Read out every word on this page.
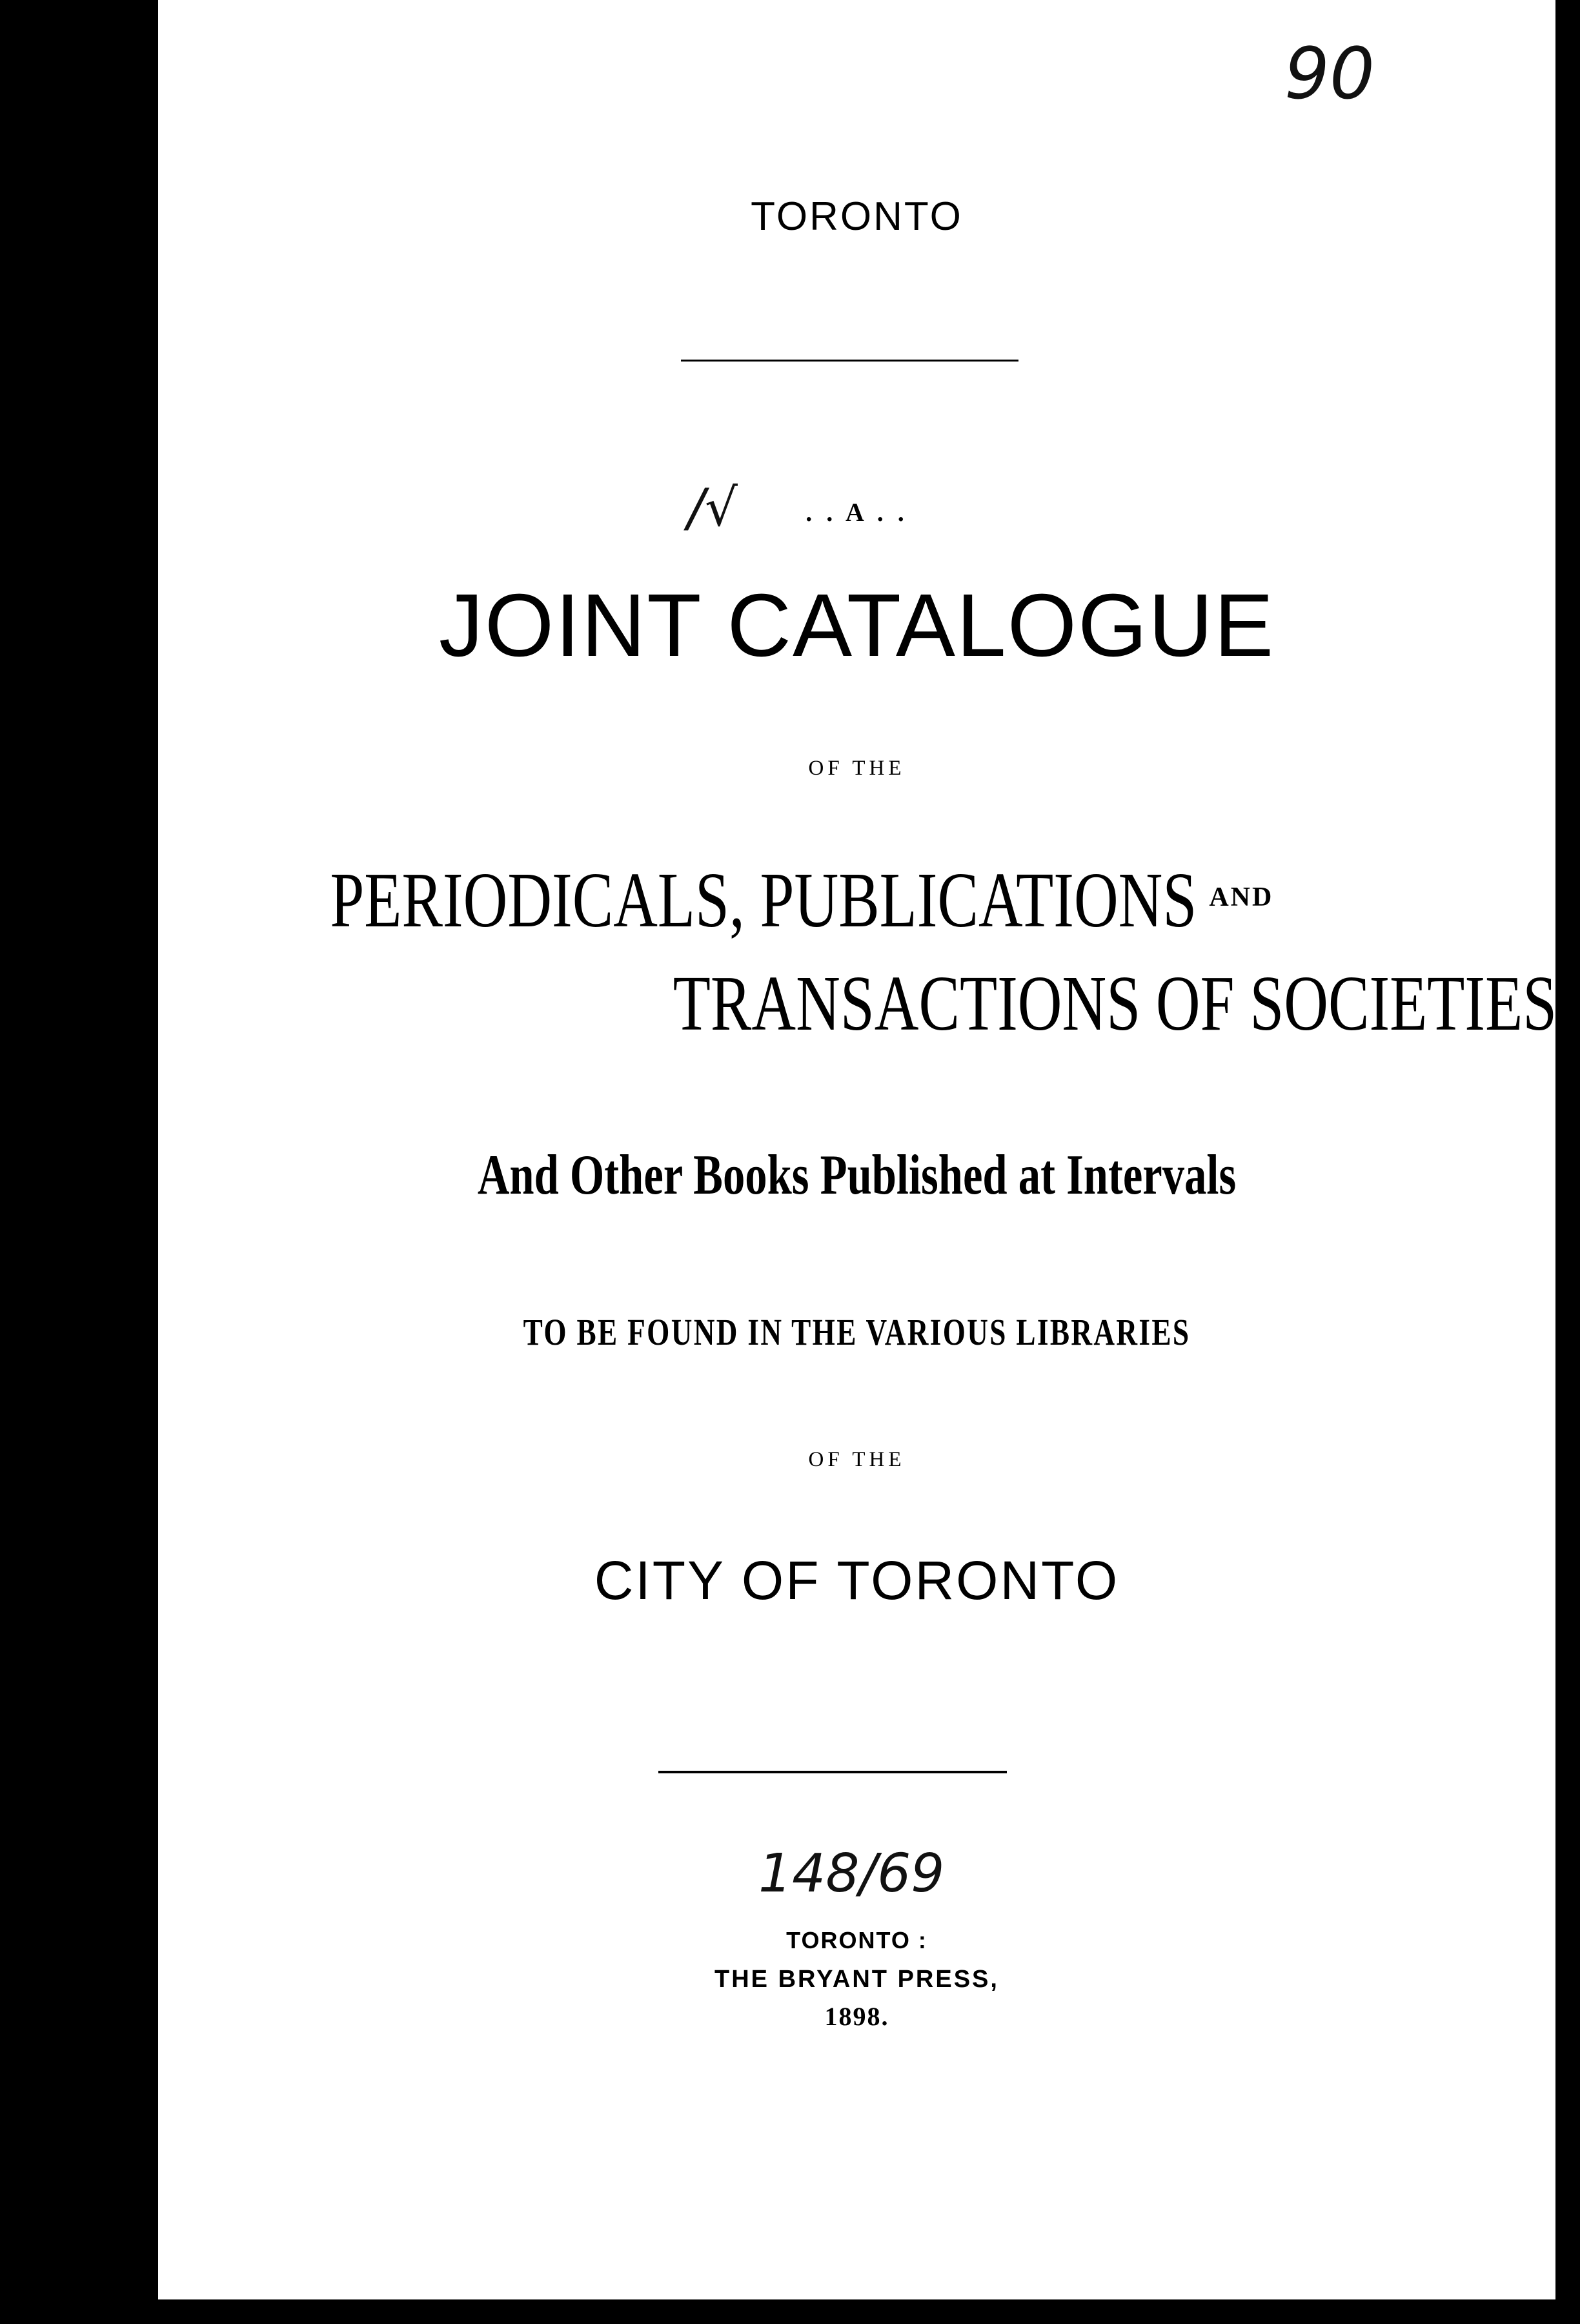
90
TORONTO
/√	. . A . .
JOINT CATALOGUE
OF THE
PERIODICALS, PUBLICATIONS AND
TRANSACTIONS OF SOCIETIES
And Other Books Published at Intervals
TO BE FOUND IN THE VARIOUS LIBRARIES
OF THE
CITY OF TORONTO
148/69
TORONTO :
THE BRYANT PRESS,
1898.
